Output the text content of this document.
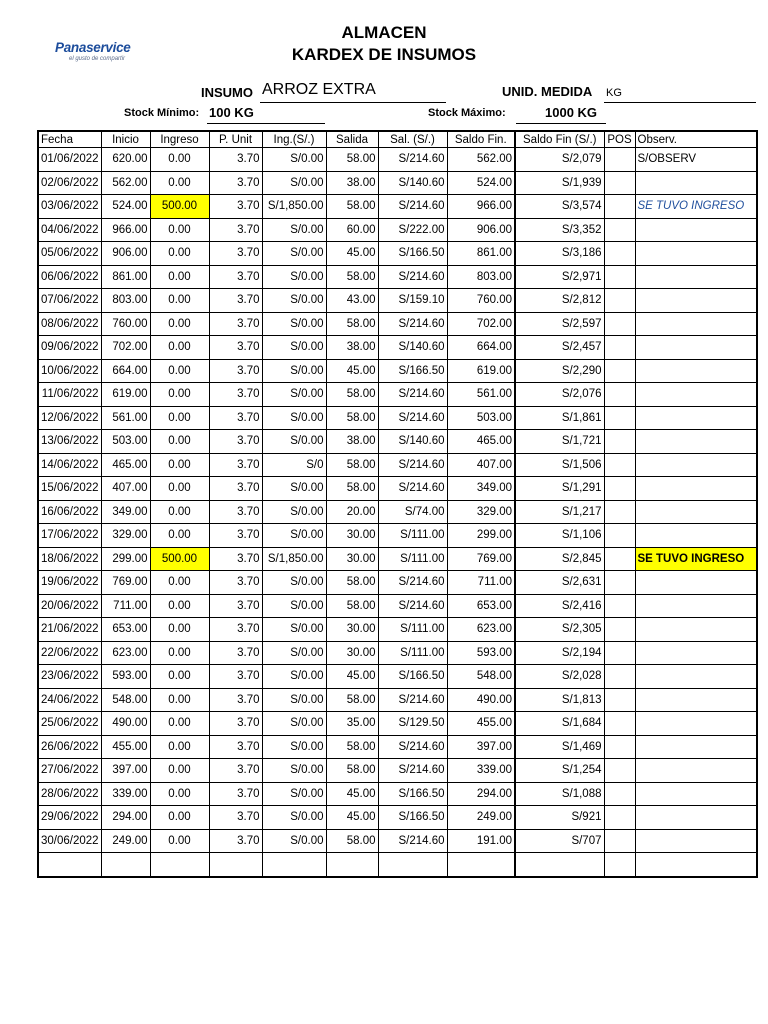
Panaservice
el gusto de compartir
ALMACEN
KARDEX DE INSUMOS
INSUMO ARROZ EXTRA	UNID. MEDIDA KG
Stock Mínimo: 100 KG	Stock Máximo:	1000 KG
Fecha	Inicio	Ingreso	P. Unit	Ing.(S/.)	Salida	Sal. (S/.)	Saldo Fin.	Saldo Fin (S/.)	POS	Observ.
01/06/2022	620.00	0.00	3.70	S/0.00	58.00	S/214.60	562.00	S/2,079		S/OBSERV
02/06/2022	562.00	0.00	3.70	S/0.00	38.00	S/140.60	524.00	S/1,939		
03/06/2022	524.00	500.00	3.70	S/1,850.00	58.00	S/214.60	966.00	S/3,574		SE TUVO INGRESO
04/06/2022	966.00	0.00	3.70	S/0.00	60.00	S/222.00	906.00	S/3,352		
05/06/2022	906.00	0.00	3.70	S/0.00	45.00	S/166.50	861.00	S/3,186		
06/06/2022	861.00	0.00	3.70	S/0.00	58.00	S/214.60	803.00	S/2,971		
07/06/2022	803.00	0.00	3.70	S/0.00	43.00	S/159.10	760.00	S/2,812		
08/06/2022	760.00	0.00	3.70	S/0.00	58.00	S/214.60	702.00	S/2,597		
09/06/2022	702.00	0.00	3.70	S/0.00	38.00	S/140.60	664.00	S/2,457		
10/06/2022	664.00	0.00	3.70	S/0.00	45.00	S/166.50	619.00	S/2,290		
11/06/2022	619.00	0.00	3.70	S/0.00	58.00	S/214.60	561.00	S/2,076		
12/06/2022	561.00	0.00	3.70	S/0.00	58.00	S/214.60	503.00	S/1,861		
13/06/2022	503.00	0.00	3.70	S/0.00	38.00	S/140.60	465.00	S/1,721		
14/06/2022	465.00	0.00	3.70	S/0	58.00	S/214.60	407.00	S/1,506		
15/06/2022	407.00	0.00	3.70	S/0.00	58.00	S/214.60	349.00	S/1,291		
16/06/2022	349.00	0.00	3.70	S/0.00	20.00	S/74.00	329.00	S/1,217		
17/06/2022	329.00	0.00	3.70	S/0.00	30.00	S/111.00	299.00	S/1,106		
18/06/2022	299.00	500.00	3.70	S/1,850.00	30.00	S/111.00	769.00	S/2,845		SE TUVO INGRESO
19/06/2022	769.00	0.00	3.70	S/0.00	58.00	S/214.60	711.00	S/2,631		
20/06/2022	711.00	0.00	3.70	S/0.00	58.00	S/214.60	653.00	S/2,416		
21/06/2022	653.00	0.00	3.70	S/0.00	30.00	S/111.00	623.00	S/2,305		
22/06/2022	623.00	0.00	3.70	S/0.00	30.00	S/111.00	593.00	S/2,194		
23/06/2022	593.00	0.00	3.70	S/0.00	45.00	S/166.50	548.00	S/2,028		
24/06/2022	548.00	0.00	3.70	S/0.00	58.00	S/214.60	490.00	S/1,813		
25/06/2022	490.00	0.00	3.70	S/0.00	35.00	S/129.50	455.00	S/1,684		
26/06/2022	455.00	0.00	3.70	S/0.00	58.00	S/214.60	397.00	S/1,469		
27/06/2022	397.00	0.00	3.70	S/0.00	58.00	S/214.60	339.00	S/1,254		
28/06/2022	339.00	0.00	3.70	S/0.00	45.00	S/166.50	294.00	S/1,088		
29/06/2022	294.00	0.00	3.70	S/0.00	45.00	S/166.50	249.00	S/921		
30/06/2022	249.00	0.00	3.70	S/0.00	58.00	S/214.60	191.00	S/707		
